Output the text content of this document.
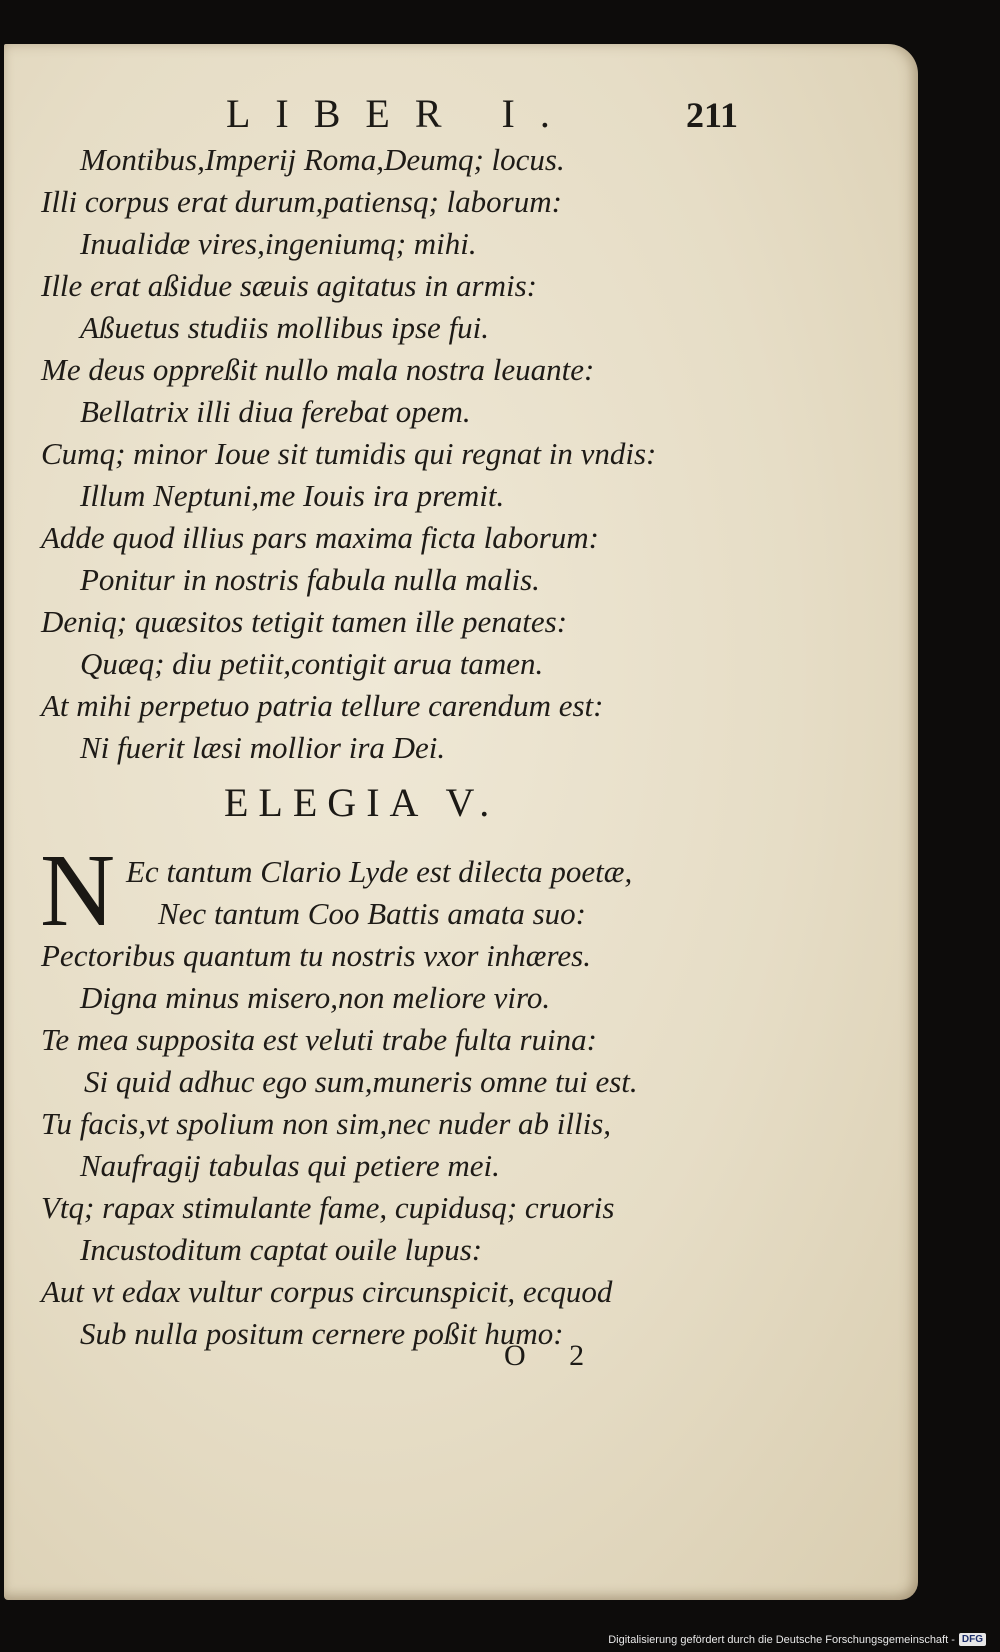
LIBER I.	211
Montibus,Imperij Roma,Deumq; locus.
Illi corpus erat durum,patiensq; laborum:
Inualidæ vires,ingeniumq; mihi.
Ille erat aßidue sæuis agitatus in armis:
Aßuetus studiis mollibus ipse fui.
Me deus oppreßit nullo mala nostra leuante:
Bellatrix illi diua ferebat opem.
Cumq; minor Ioue sit tumidis qui regnat in vndis:
Illum Neptuni,me Iouis ira premit.
Adde quod illius pars maxima ficta laborum:
Ponitur in nostris fabula nulla malis.
Deniq; quæsitos tetigit tamen ille penates:
Quæq; diu petiit,contigit arua tamen.
At mihi perpetuo patria tellure carendum est:
Ni fuerit læsi mollior ira Dei.
ELEGIA V.
N Ec tantum Clario Lyde est dilecta poetæ,
Nec tantum Coo Battis amata suo:
Pectoribus quantum tu nostris vxor inhæres.
Digna minus misero,non meliore viro.
Te mea supposita est veluti trabe fulta ruina:
Si quid adhuc ego sum,muneris omne tui est.
Tu facis,vt spolium non sim,nec nuder ab illis,
Naufragij tabulas qui petiere mei.
Vtq; rapax stimulante fame, cupidusq; cruoris
Incustoditum captat ouile lupus:
Aut vt edax vultur corpus circunspicit, ecquod
Sub nulla positum cernere poßit humo:
O 2
Digitalisierung gefördert durch die Deutsche Forschungsgemeinschaft - DFG
